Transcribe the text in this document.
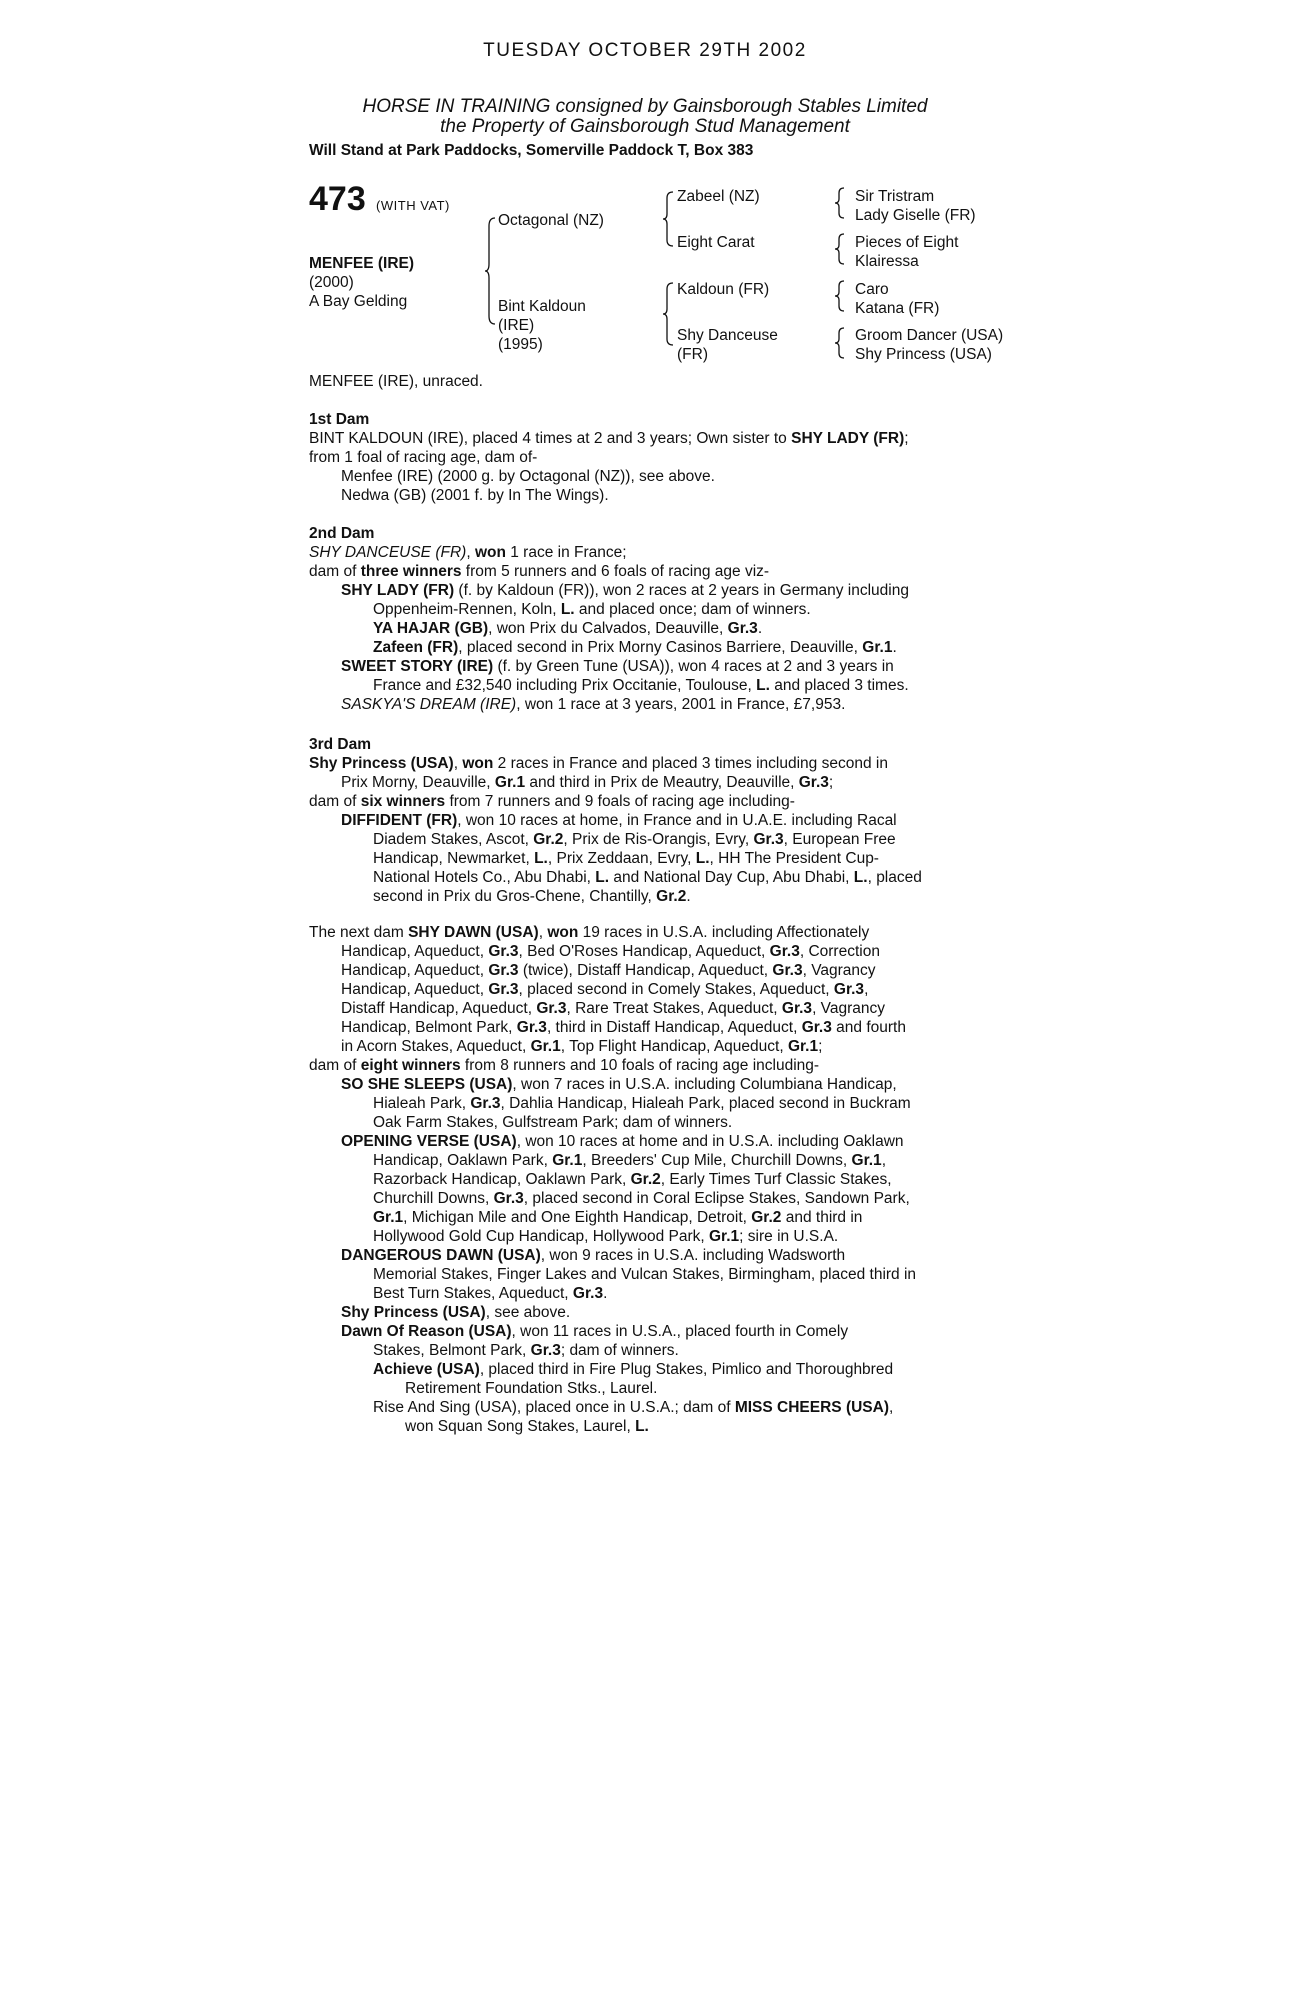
TUESDAY OCTOBER 29TH 2002
HORSE IN TRAINING consigned by Gainsborough Stables Limited
the Property of Gainsborough Stud Management
Will Stand at Park Paddocks, Somerville Paddock T, Box 383
473 (WITH VAT)
MENFEE (IRE)
(2000)
A Bay Gelding
Octagonal (NZ)
Bint Kaldoun
(IRE)
(1995)
Zabeel (NZ)
Eight Carat
Kaldoun (FR)
Shy Danceuse
(FR)
Sir Tristram
Lady Giselle (FR)
Pieces of Eight
Klairessa
Caro
Katana (FR)
Groom Dancer (USA)
Shy Princess (USA)
MENFEE (IRE), unraced.
1st Dam
BINT KALDOUN (IRE), placed 4 times at 2 and 3 years; Own sister to SHY LADY (FR);
from 1 foal of racing age, dam of-
Menfee (IRE) (2000 g. by Octagonal (NZ)), see above.
Nedwa (GB) (2001 f. by In The Wings).
2nd Dam
SHY DANCEUSE (FR), won 1 race in France;
dam of three winners from 5 runners and 6 foals of racing age viz-
SHY LADY (FR) (f. by Kaldoun (FR)), won 2 races at 2 years in Germany including
Oppenheim-Rennen, Koln, L. and placed once; dam of winners.
YA HAJAR (GB), won Prix du Calvados, Deauville, Gr.3.
Zafeen (FR), placed second in Prix Morny Casinos Barriere, Deauville, Gr.1.
SWEET STORY (IRE) (f. by Green Tune (USA)), won 4 races at 2 and 3 years in
France and £32,540 including Prix Occitanie, Toulouse, L. and placed 3 times.
SASKYA'S DREAM (IRE), won 1 race at 3 years, 2001 in France, £7,953.
3rd Dam
Shy Princess (USA), won 2 races in France and placed 3 times including second in
Prix Morny, Deauville, Gr.1 and third in Prix de Meautry, Deauville, Gr.3;
dam of six winners from 7 runners and 9 foals of racing age including-
DIFFIDENT (FR), won 10 races at home, in France and in U.A.E. including Racal
Diadem Stakes, Ascot, Gr.2, Prix de Ris-Orangis, Evry, Gr.3, European Free
Handicap, Newmarket, L., Prix Zeddaan, Evry, L., HH The President Cup-
National Hotels Co., Abu Dhabi, L. and National Day Cup, Abu Dhabi, L., placed
second in Prix du Gros-Chene, Chantilly, Gr.2.
The next dam SHY DAWN (USA), won 19 races in U.S.A. including Affectionately
Handicap, Aqueduct, Gr.3, Bed O'Roses Handicap, Aqueduct, Gr.3, Correction
Handicap, Aqueduct, Gr.3 (twice), Distaff Handicap, Aqueduct, Gr.3, Vagrancy
Handicap, Aqueduct, Gr.3, placed second in Comely Stakes, Aqueduct, Gr.3,
Distaff Handicap, Aqueduct, Gr.3, Rare Treat Stakes, Aqueduct, Gr.3, Vagrancy
Handicap, Belmont Park, Gr.3, third in Distaff Handicap, Aqueduct, Gr.3 and fourth
in Acorn Stakes, Aqueduct, Gr.1, Top Flight Handicap, Aqueduct, Gr.1;
dam of eight winners from 8 runners and 10 foals of racing age including-
SO SHE SLEEPS (USA), won 7 races in U.S.A. including Columbiana Handicap,
Hialeah Park, Gr.3, Dahlia Handicap, Hialeah Park, placed second in Buckram
Oak Farm Stakes, Gulfstream Park; dam of winners.
OPENING VERSE (USA), won 10 races at home and in U.S.A. including Oaklawn
Handicap, Oaklawn Park, Gr.1, Breeders' Cup Mile, Churchill Downs, Gr.1,
Razorback Handicap, Oaklawn Park, Gr.2, Early Times Turf Classic Stakes,
Churchill Downs, Gr.3, placed second in Coral Eclipse Stakes, Sandown Park,
Gr.1, Michigan Mile and One Eighth Handicap, Detroit, Gr.2 and third in
Hollywood Gold Cup Handicap, Hollywood Park, Gr.1; sire in U.S.A.
DANGEROUS DAWN (USA), won 9 races in U.S.A. including Wadsworth
Memorial Stakes, Finger Lakes and Vulcan Stakes, Birmingham, placed third in
Best Turn Stakes, Aqueduct, Gr.3.
Shy Princess (USA), see above.
Dawn Of Reason (USA), won 11 races in U.S.A., placed fourth in Comely
Stakes, Belmont Park, Gr.3; dam of winners.
Achieve (USA), placed third in Fire Plug Stakes, Pimlico and Thoroughbred
Retirement Foundation Stks., Laurel.
Rise And Sing (USA), placed once in U.S.A.; dam of MISS CHEERS (USA),
won Squan Song Stakes, Laurel, L.
